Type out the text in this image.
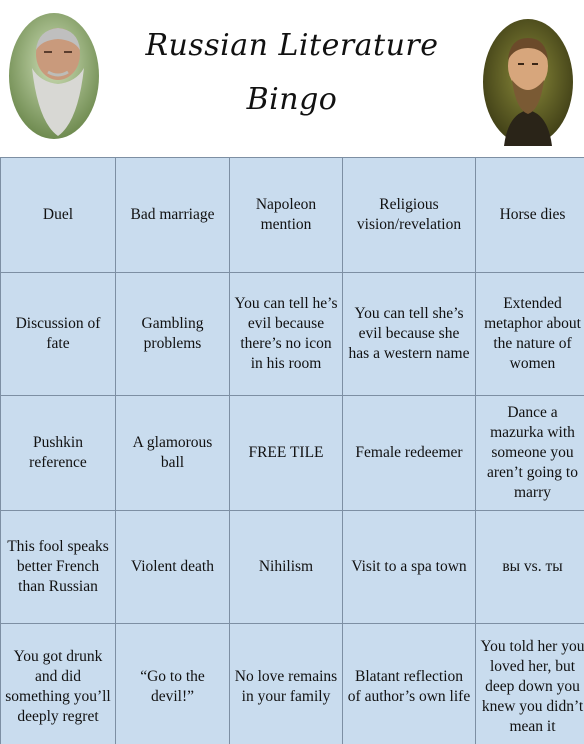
Russian Literature
Bingo
Duel	Bad marriage
Napoleon mention
Religious vision/revelation
Horse dies
Discussion of fate
Gambling problems
You can tell he’s evil because there’s no icon in his room
You can tell she’s evil because she has a western name
Extended metaphor about the nature of women
Pushkin reference
A glamorous ball
FREE TILE Female redeemer
Dance a mazurka with someone you aren’t going to marry
This fool speaks better French than Russian
Violent death	Nihilism Visit to a spa town вы vs. ты
You got drunk and did something you’ll deeply regret
“Go to the devil!”
No love remains in your family
Blatant reflection of author’s own life
You told her you loved her, but deep down you knew you didn’t mean it
